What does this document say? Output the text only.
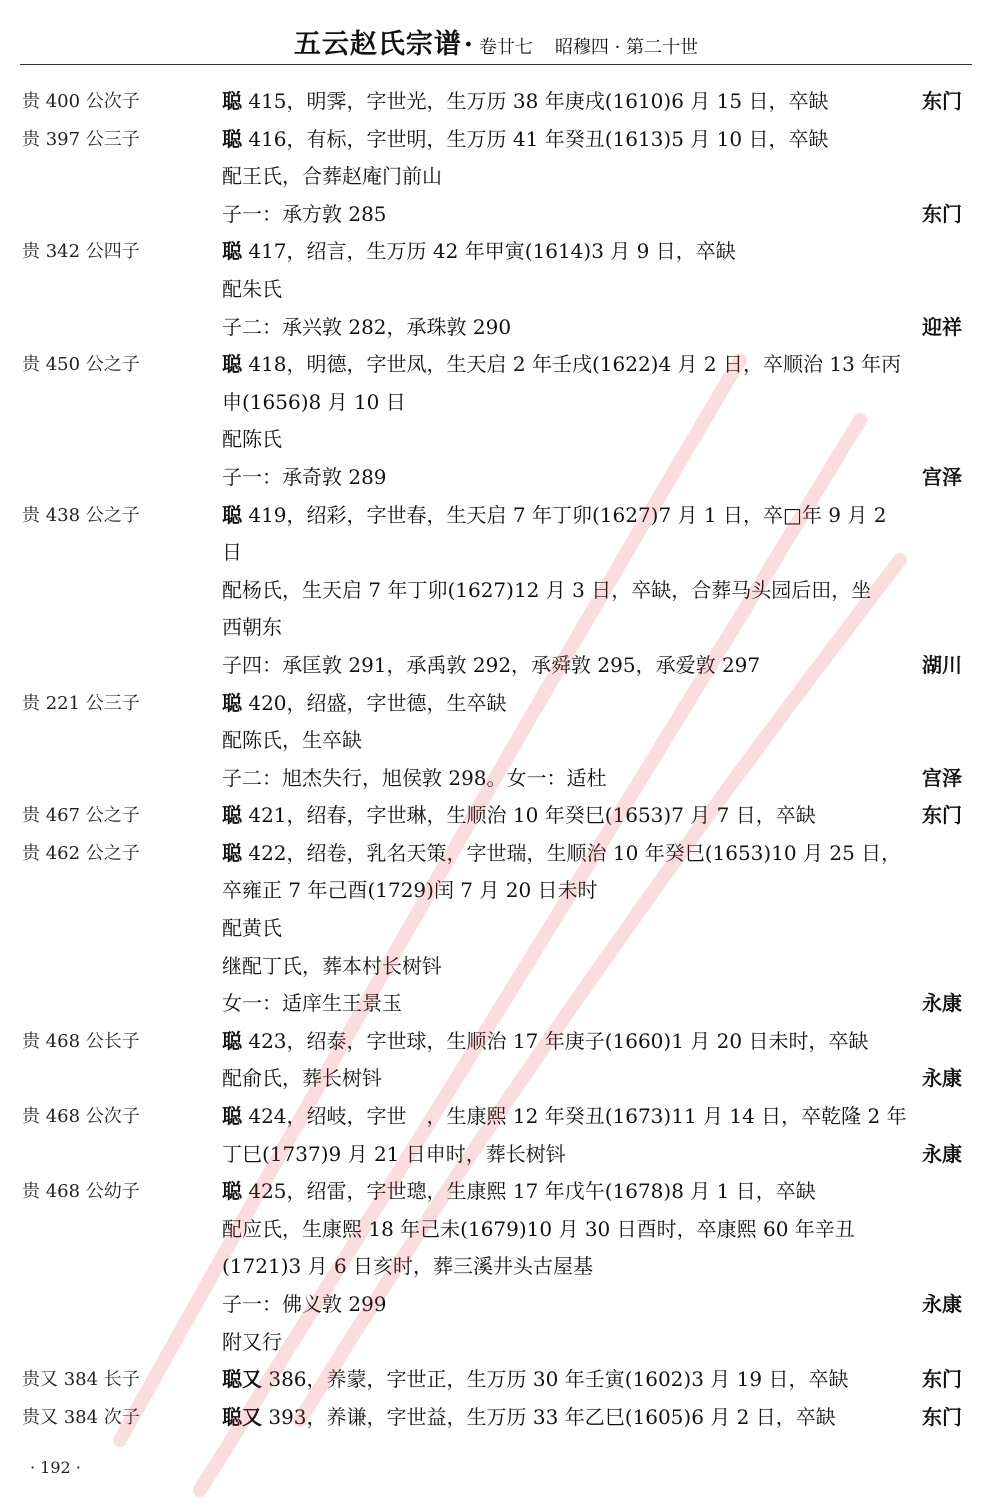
五云赵氏宗谱· 卷廿七 昭穆四 · 第二十世
贵 400 公次子	聪 415，明霁，字世光，生万历 38 年庚戌(1610)6 月 15 日，卒缺	东门
贵 397 公三子	聪 416，有标，字世明，生万历 41 年癸丑(1613)5 月 10 日，卒缺
配王氏，合葬赵庵门前山
子一：承方敦 285	东门
贵 342 公四子	聪 417，绍言，生万历 42 年甲寅(1614)3 月 9 日，卒缺
配朱氏
子二：承兴敦 282，承珠敦 290	迎祥
贵 450 公之子	聪 418，明德，字世凤，生天启 2 年壬戌(1622)4 月 2 日，卒顺治 13 年丙
申(1656)8 月 10 日
配陈氏
子一：承奇敦 289	宫泽
贵 438 公之子	聪 419，绍彩，字世春，生天启 7 年丁卯(1627)7 月 1 日，卒□年 9 月 2
日
配杨氏，生天启 7 年丁卯(1627)12 月 3 日，卒缺，合葬马头园后田，坐
西朝东
子四：承匡敦 291，承禹敦 292，承舜敦 295，承爱敦 297	湖川
贵 221 公三子	聪 420，绍盛，字世德，生卒缺
配陈氏，生卒缺
子二：旭杰失行，旭侯敦 298。女一：适杜	宫泽
贵 467 公之子	聪 421，绍春，字世琳，生顺治 10 年癸巳(1653)7 月 7 日，卒缺	东门
贵 462 公之子	聪 422，绍卷，乳名天策，字世瑞，生顺治 10 年癸巳(1653)10 月 25 日，
卒雍正 7 年己酉(1729)闰 7 月 20 日未时
配黄氏
继配丁氏，葬本村长树钭
女一：适庠生王景玉	永康
贵 468 公长子	聪 423，绍泰，字世球，生顺治 17 年庚子(1660)1 月 20 日未时，卒缺
配俞氏，葬长树钭	永康
贵 468 公次子	聪 424，绍岐，字世　，生康熙 12 年癸丑(1673)11 月 14 日，卒乾隆 2 年
丁巳(1737)9 月 21 日申时，葬长树钭	永康
贵 468 公幼子	聪 425，绍雷，字世璁，生康熙 17 年戊午(1678)8 月 1 日，卒缺
配应氏，生康熙 18 年己未(1679)10 月 30 日酉时，卒康熙 60 年辛丑
(1721)3 月 6 日亥时，葬三溪井头古屋基
子一：佛义敦 299	永康
附又行
贵又 384 长子	聪又 386，养蒙，字世正，生万历 30 年壬寅(1602)3 月 19 日，卒缺	东门
贵又 384 次子	聪又 393，养谦，字世益，生万历 33 年乙巳(1605)6 月 2 日，卒缺	东门
· 192 ·
